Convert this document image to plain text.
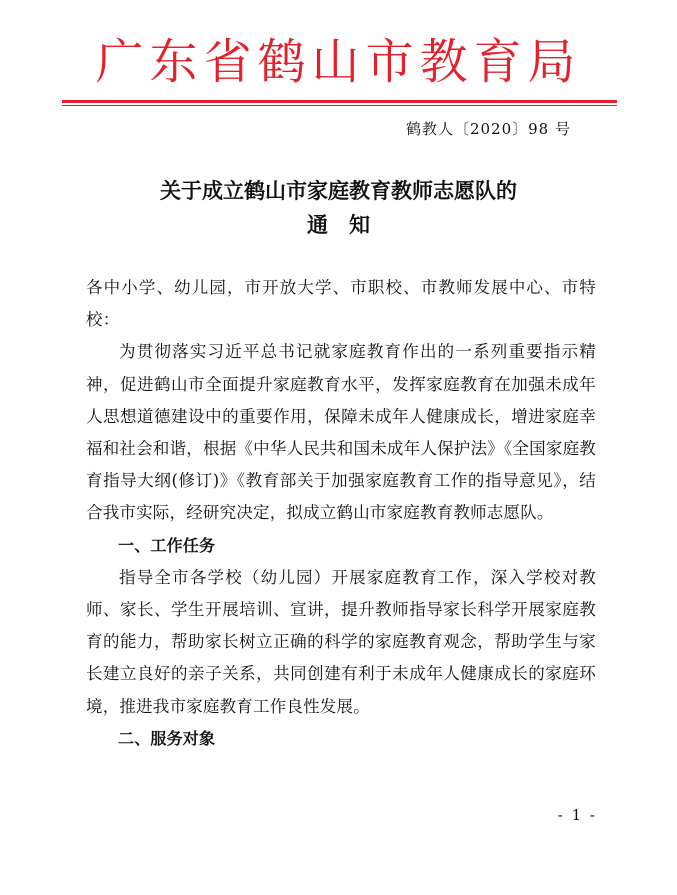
广东省鹤山市教育局
鹤教人〔2020〕98 号
关于成立鹤山市家庭教育教师志愿队的
通　知

各中小学、幼儿园，市开放大学、市职校、市教师发展中心、市特校：

为贯彻落实习近平总书记就家庭教育作出的一系列重要指示精神，促进鹤山市全面提升家庭教育水平，发挥家庭教育在加强未成年人思想道德建设中的重要作用，保障未成年人健康成长，增进家庭幸福和社会和谐，根据《中华人民共和国未成年人保护法》《全国家庭教育指导大纲(修订)》《教育部关于加强家庭教育工作的指导意见》，结合我市实际，经研究决定，拟成立鹤山市家庭教育教师志愿队。

一、工作任务

指导全市各学校（幼儿园）开展家庭教育工作，深入学校对教师、家长、学生开展培训、宣讲，提升教师指导家长科学开展家庭教育的能力，帮助家长树立正确的科学的家庭教育观念，帮助学生与家长建立良好的亲子关系，共同创建有利于未成年人健康成长的家庭环境，推进我市家庭教育工作良性发展。

二、服务对象

- 1 -
